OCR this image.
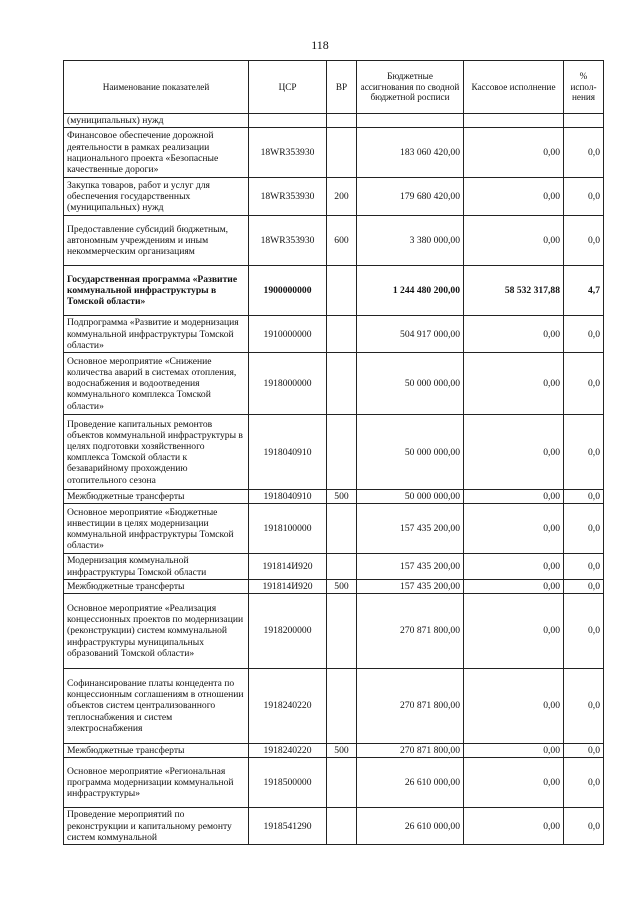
118
Наименование показателей	ЦСР	ВР	Бюджетные ассигнования по сводной бюджетной росписи	Кассовое исполнение	% испол-нения
(муниципальных) нужд					
Финансовое обеспечение дорожной деятельности в рамках реализации национального проекта «Безопасные качественные дороги»	18WR353930		183 060 420,00	0,00	0,0
Закупка товаров, работ и услуг для обеспечения государственных (муниципальных) нужд	18WR353930	200	179 680 420,00	0,00	0,0
Предоставление субсидий бюджетным, автономным учреждениям и иным некоммерческим организациям	18WR353930	600	3 380 000,00	0,00	0,0
Государственная программа «Развитие коммунальной инфраструктуры в Томской области»	1900000000		1 244 480 200,00	58 532 317,88	4,7
Подпрограмма «Развитие и модернизация коммунальной инфраструктуры Томской области»	1910000000		504 917 000,00	0,00	0,0
Основное мероприятие «Снижение количества аварий в системах отопления, водоснабжения и водоотведения коммунального комплекса Томской области»	1918000000		50 000 000,00	0,00	0,0
Проведение капитальных ремонтов объектов коммунальной инфраструктуры в целях подготовки хозяйственного комплекса Томской области к безаварийному прохождению отопительного сезона	1918040910		50 000 000,00	0,00	0,0
Межбюджетные трансферты	1918040910	500	50 000 000,00	0,00	0,0
Основное мероприятие «Бюджетные инвестиции в целях модернизации коммунальной инфраструктуры Томской области»	1918100000		157 435 200,00	0,00	0,0
Модернизация коммунальной инфраструктуры Томской области	191814И920		157 435 200,00	0,00	0,0
Межбюджетные трансферты	191814И920	500	157 435 200,00	0,00	0,0
Основное мероприятие «Реализация концессионных проектов по модернизации (реконструкции) систем коммунальной инфраструктуры муниципальных образований Томской области»	1918200000		270 871 800,00	0,00	0,0
Софинансирование платы концедента по концессионным соглашениям в отношении объектов систем централизованного теплоснабжения и систем электроснабжения	1918240220		270 871 800,00	0,00	0,0
Межбюджетные трансферты	1918240220	500	270 871 800,00	0,00	0,0
Основное мероприятие «Региональная программа модернизации коммунальной инфраструктуры»	1918500000		26 610 000,00	0,00	0,0
Проведение мероприятий по реконструкции и капитальному ремонту систем коммунальной	1918541290		26 610 000,00	0,00	0,0
